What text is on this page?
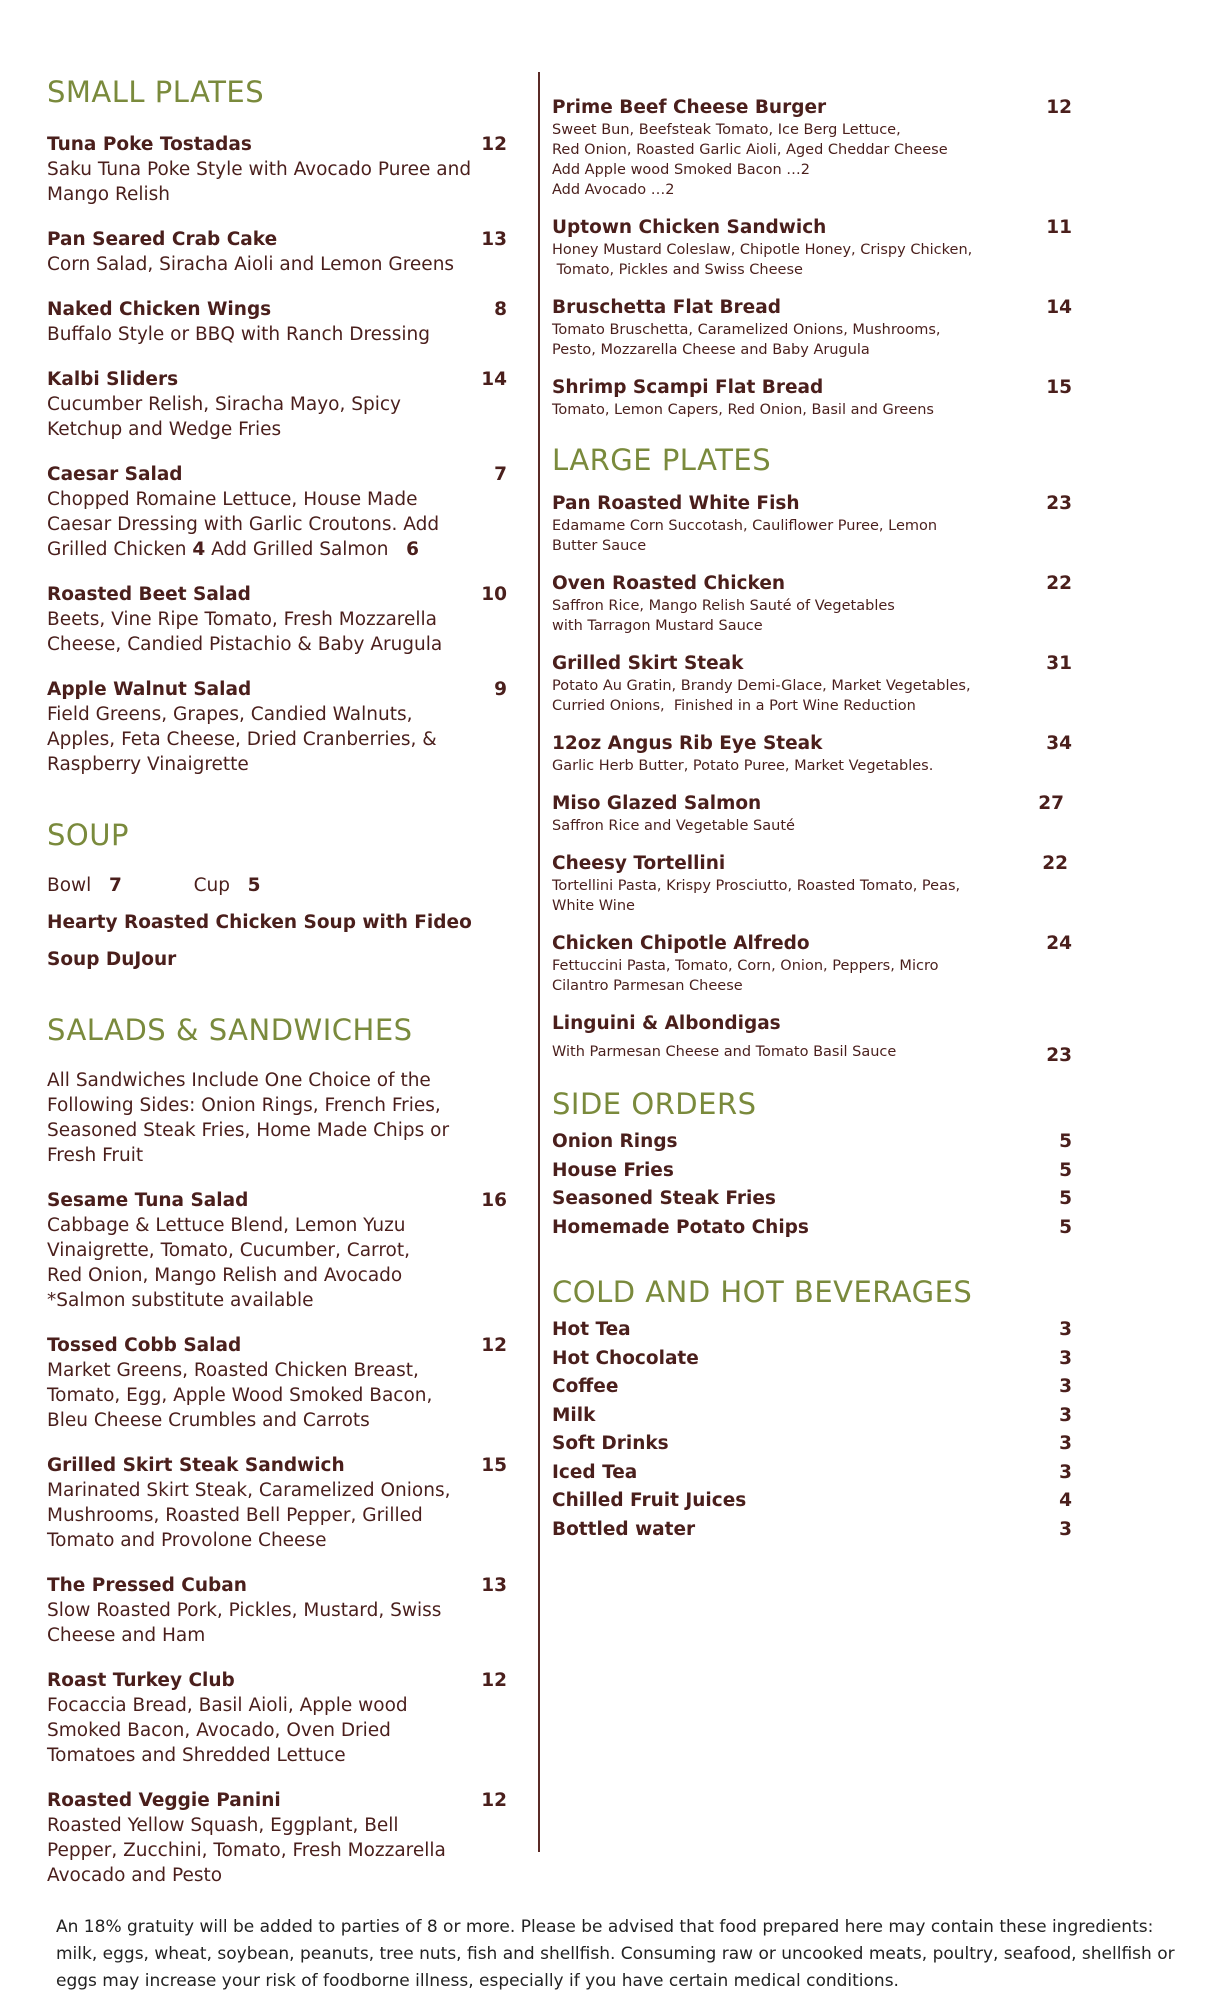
SMALL PLATES
Tuna Poke Tostadas	12
Saku Tuna Poke Style with Avocado Puree and Mango Relish
Pan Seared Crab Cake	13
Corn Salad, Siracha Aioli and Lemon Greens
Naked Chicken Wings	8
Buffalo Style or BBQ with Ranch Dressing
Kalbi Sliders	14
Cucumber Relish, Siracha Mayo, Spicy Ketchup and Wedge Fries
Caesar Salad	7
Chopped Romaine Lettuce, House Made Caesar Dressing with Garlic Croutons. Add Grilled Chicken 4 Add Grilled Salmon 6
Roasted Beet Salad	10
Beets, Vine Ripe Tomato, Fresh Mozzarella Cheese, Candied Pistachio & Baby Arugula
Apple Walnut Salad	9
Field Greens, Grapes, Candied Walnuts, Apples, Feta Cheese, Dried Cranberries, & Raspberry Vinaigrette
SOUP
Bowl 7	Cup 5
Hearty Roasted Chicken Soup with Fideo
Soup DuJour
SALADS & SANDWICHES
All Sandwiches Include One Choice of the Following Sides: Onion Rings, French Fries, Seasoned Steak Fries, Home Made Chips or Fresh Fruit
Sesame Tuna Salad	16
Cabbage & Lettuce Blend, Lemon Yuzu Vinaigrette, Tomato, Cucumber, Carrot, Red Onion, Mango Relish and Avocado *Salmon substitute available
Tossed Cobb Salad	12
Market Greens, Roasted Chicken Breast, Tomato, Egg, Apple Wood Smoked Bacon, Bleu Cheese Crumbles and Carrots
Grilled Skirt Steak Sandwich	15
Marinated Skirt Steak, Caramelized Onions, Mushrooms, Roasted Bell Pepper, Grilled Tomato and Provolone Cheese
The Pressed Cuban	13
Slow Roasted Pork, Pickles, Mustard, Swiss Cheese and Ham
Roast Turkey Club	12
Focaccia Bread, Basil Aioli, Apple wood Smoked Bacon, Avocado, Oven Dried Tomatoes and Shredded Lettuce
Roasted Veggie Panini	12
Roasted Yellow Squash, Eggplant, Bell Pepper, Zucchini, Tomato, Fresh Mozzarella Avocado and Pesto
Prime Beef Cheese Burger	12
Sweet Bun, Beefsteak Tomato, Ice Berg Lettuce,
Red Onion, Roasted Garlic Aioli, Aged Cheddar Cheese
Add Apple wood Smoked Bacon …2
Add Avocado …2
Uptown Chicken Sandwich	11
Honey Mustard Coleslaw, Chipotle Honey, Crispy Chicken,
Tomato, Pickles and Swiss Cheese
Bruschetta Flat Bread	14
Tomato Bruschetta, Caramelized Onions, Mushrooms,
Pesto, Mozzarella Cheese and Baby Arugula
Shrimp Scampi Flat Bread	15
Tomato, Lemon Capers, Red Onion, Basil and Greens
LARGE PLATES
Pan Roasted White Fish	23
Edamame Corn Succotash, Cauliflower Puree, Lemon
Butter Sauce
Oven Roasted Chicken	22
Saffron Rice, Mango Relish Sauté of Vegetables
with Tarragon Mustard Sauce
Grilled Skirt Steak	31
Potato Au Gratin, Brandy Demi-Glace, Market Vegetables,
Curried Onions,  Finished in a Port Wine Reduction
12oz Angus Rib Eye Steak	34
Garlic Herb Butter, Potato Puree, Market Vegetables.
Miso Glazed Salmon	27
Saffron Rice and Vegetable Sauté
Cheesy Tortellini	22
Tortellini Pasta, Krispy Prosciutto, Roasted Tomato, Peas,
White Wine
Chicken Chipotle Alfredo	24
Fettuccini Pasta, Tomato, Corn, Onion, Peppers, Micro
Cilantro Parmesan Cheese
Linguini & Albondigas
With Parmesan Cheese and Tomato Basil Sauce	23
SIDE ORDERS
Onion Rings	5
House Fries	5
Seasoned Steak Fries	5
Homemade Potato Chips	5
COLD AND HOT BEVERAGES
Hot Tea	3
Hot Chocolate	3
Coffee	3
Milk	3
Soft Drinks	3
Iced Tea	3
Chilled Fruit Juices	4
Bottled water	3
An 18% gratuity will be added to parties of 8 or more. Please be advised that food prepared here may contain these ingredients: milk, eggs, wheat, soybean, peanuts, tree nuts, fish and shellfish. Consuming raw or uncooked meats, poultry, seafood, shellfish or eggs may increase your risk of foodborne illness, especially if you have certain medical conditions.
